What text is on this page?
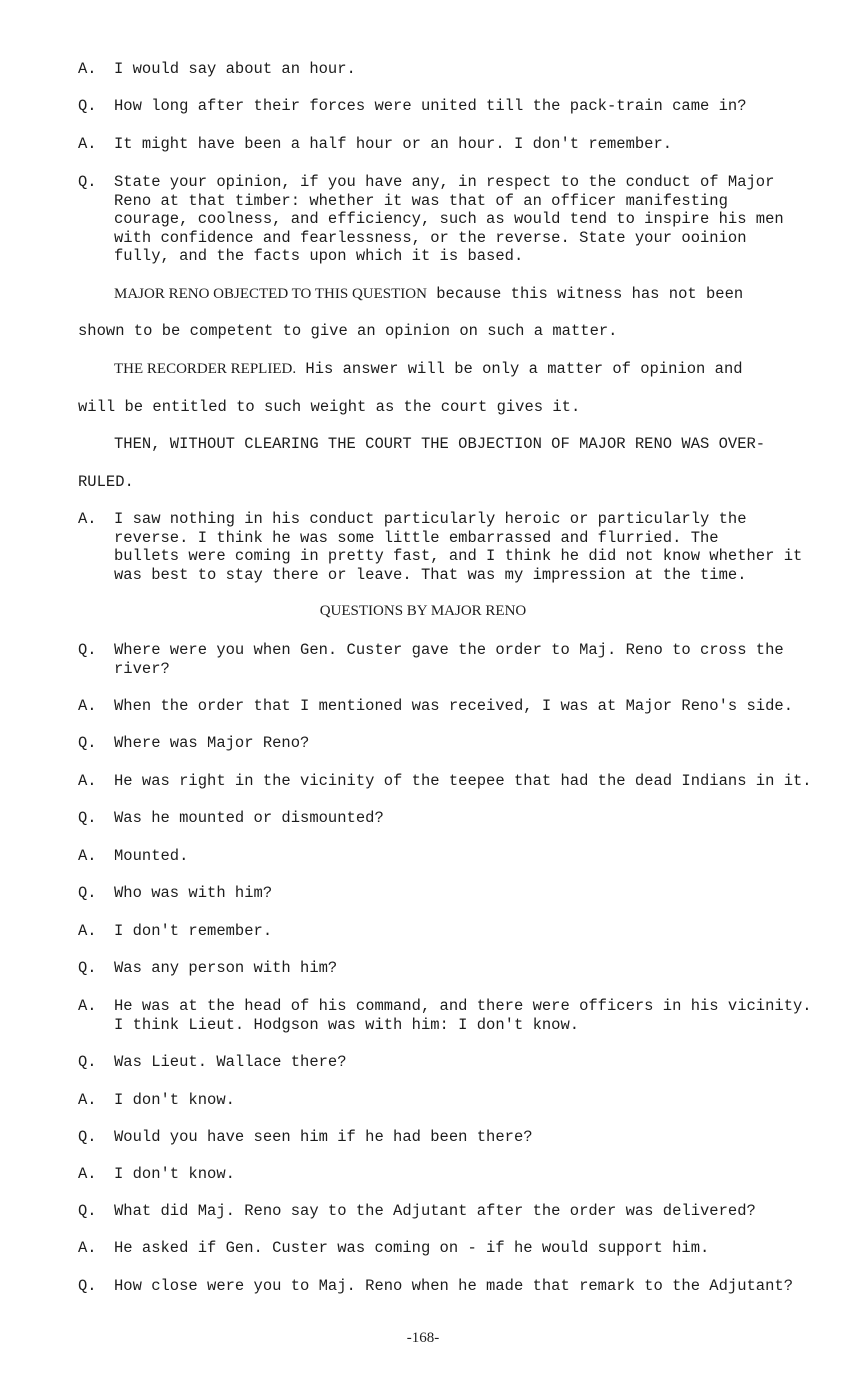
A.	I would say about an hour.
Q.	How long after their forces were united till the pack-train came in?
A.	It might have been a half hour or an hour. I don't remember.
Q.	State your opinion, if you have any, in respect to the conduct of Major
Reno at that timber: whether it was that of an officer manifesting
courage, coolness, and efficiency, such as would tend to inspire his men
with confidence and fearlessness, or the reverse. State your ooinion
fully, and the facts upon which it is based.
MAJOR RENO OBJECTED TO THIS QUESTION because this witness has not been
shown to be competent to give an opinion on such a matter.
THE RECORDER REPLIED. His answer will be only a matter of opinion and
will be entitled to such weight as the court gives it.
THEN, WITHOUT CLEARING THE COURT THE OBJECTION OF MAJOR RENO WAS OVER-
RULED.
A.	I saw nothing in his conduct particularly heroic or particularly the
reverse. I think he was some little embarrassed and flurried. The
bullets were coming in pretty fast, and I think he did not know whether it
was best to stay there or leave. That was my impression at the time.
QUESTIONS BY MAJOR RENO
Q.	Where were you when Gen. Custer gave the order to Maj. Reno to cross the
river?
A.	When the order that I mentioned was received, I was at Major Reno's side.
Q.	Where was Major Reno?
A.	He was right in the vicinity of the teepee that had the dead Indians in it.
Q.	Was he mounted or dismounted?
A.	Mounted.
Q.	Who was with him?
A.	I don't remember.
Q.	Was any person with him?
A.	He was at the head of his command, and there were officers in his vicinity.
I think Lieut. Hodgson was with him: I don't know.
Q.	Was Lieut. Wallace there?
A.	I don't know.
Q.	Would you have seen him if he had been there?
A.	I don't know.
Q.	What did Maj. Reno say to the Adjutant after the order was delivered?
A.	He asked if Gen. Custer was coming on - if he would support him.
Q.	How close were you to Maj. Reno when he made that remark to the Adjutant?
-168-
